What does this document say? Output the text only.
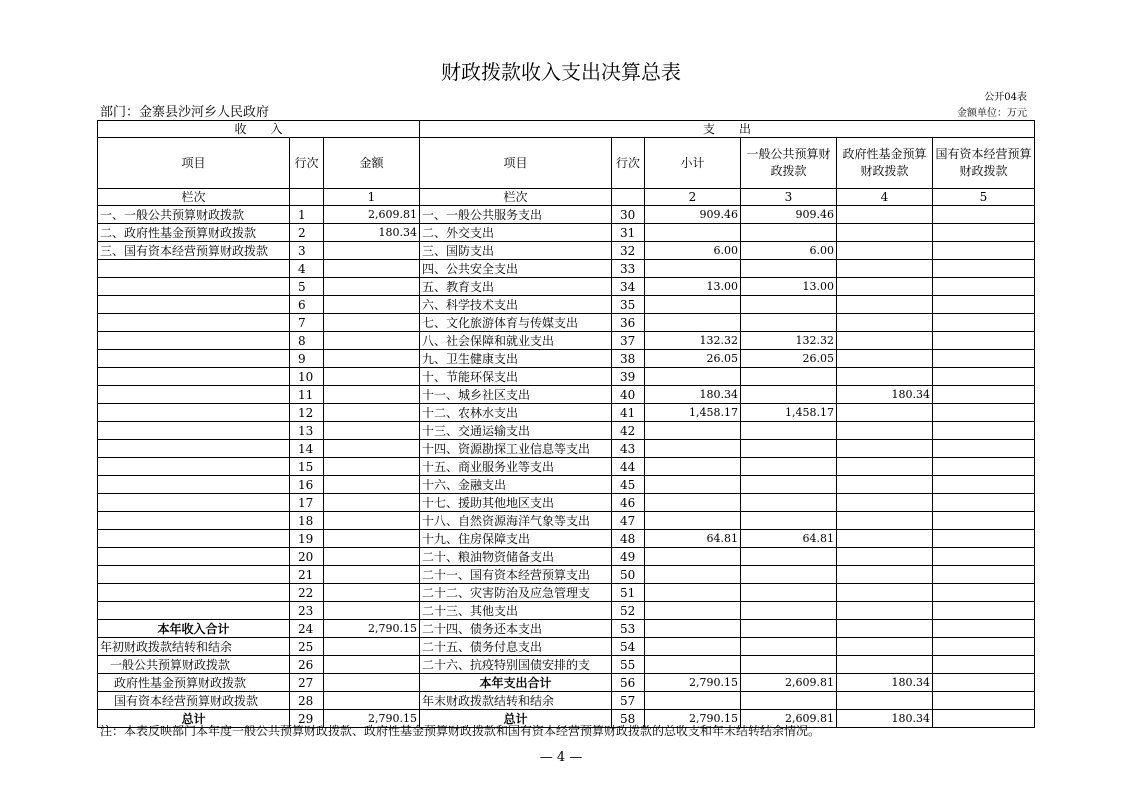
财政拨款收入支出决算总表
公开04表
金额单位：万元
部门：金寨县沙河乡人民政府
收　　入			支　　出					
项目	行次	金额	项目	行次	小计	一般公共预算财政拨款	政府性基金预算财政拨款	国有资本经营预算财政拨款
栏次		1	栏次		2	3	4	5
一、一般公共预算财政拨款	1	2,609.81	一、一般公共服务支出	30	909.46	909.46		
二、政府性基金预算财政拨款	2	180.34	二、外交支出	31				
三、国有资本经营预算财政拨款	3		三、国防支出	32	6.00	6.00		
	4		四、公共安全支出	33				
	5		五、教育支出	34	13.00	13.00		
	6		六、科学技术支出	35				
	7		七、文化旅游体育与传媒支出	36				
	8		八、社会保障和就业支出	37	132.32	132.32		
	9		九、卫生健康支出	38	26.05	26.05		
	10		十、节能环保支出	39				
	11		十一、城乡社区支出	40	180.34		180.34	
	12		十二、农林水支出	41	1,458.17	1,458.17		
	13		十三、交通运输支出	42				
	14		十四、资源勘探工业信息等支出	43				
	15		十五、商业服务业等支出	44				
	16		十六、金融支出	45				
	17		十七、援助其他地区支出	46				
	18		十八、自然资源海洋气象等支出	47				
	19		十九、住房保障支出	48	64.81	64.81		
	20		二十、粮油物资储备支出	49				
	21		二十一、国有资本经营预算支出	50				
	22		二十二、灾害防治及应急管理支	51				
	23		二十三、其他支出	52				
本年收入合计	24	2,790.15	二十四、债务还本支出	53				
年初财政拨款结转和结余	25		二十五、债务付息支出	54				
一般公共预算财政拨款	26		二十六、抗疫特别国债安排的支	55				
政府性基金预算财政拨款	27		本年支出合计	56	2,790.15	2,609.81	180.34	
国有资本经营预算财政拨款	28		年末财政拨款结转和结余	57				
总计	29	2,790.15	总计	58	2,790.15	2,609.81	180.34	
注：本表反映部门本年度一般公共预算财政拨款、政府性基金预算财政拨款和国有资本经营预算财政拨款的总收支和年末结转结余情况。
— 4 —
